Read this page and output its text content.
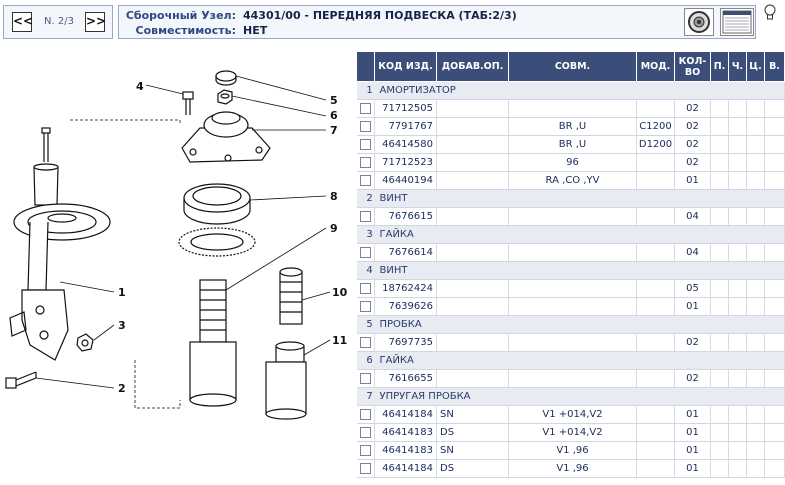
<<	N. 2/3	>> Сборочный Узел: 44301/00 - ПЕРЕДНЯЯ ПОДВЕСКА (ТАБ:2/3)
Совместимость: НЕТ
4
5
6
7
8
9
10
11
1
3
2
	КОД ИЗД.	ДОБАВ.ОП.	СОВМ.	МОД.	КОЛ-ВО	П.	Ч.	Ц.	В.
1 АМОРТИЗАТОР									
	71712505				02				
	7791767		BR ,U	C1200	02				
	46414580		BR ,U	D1200	02				
	71712523		96		02				
	46440194		RA ,CO ,YV		01				
2 ВИНТ									
	7676615				04				
3 ГАЙКА									
	7676614				04				
4 ВИНТ									
	18762424				05				
	7639626				01				
5 ПРОБКА									
	7697735				02				
6 ГАЙКА									
	7616655				02				
7 УПРУГАЯ ПРОБКА									
	46414184	SN	V1 +014,V2		01				
	46414183	DS	V1 +014,V2		01				
	46414183	SN	V1 ,96		01				
	46414184	DS	V1 ,96		01				
